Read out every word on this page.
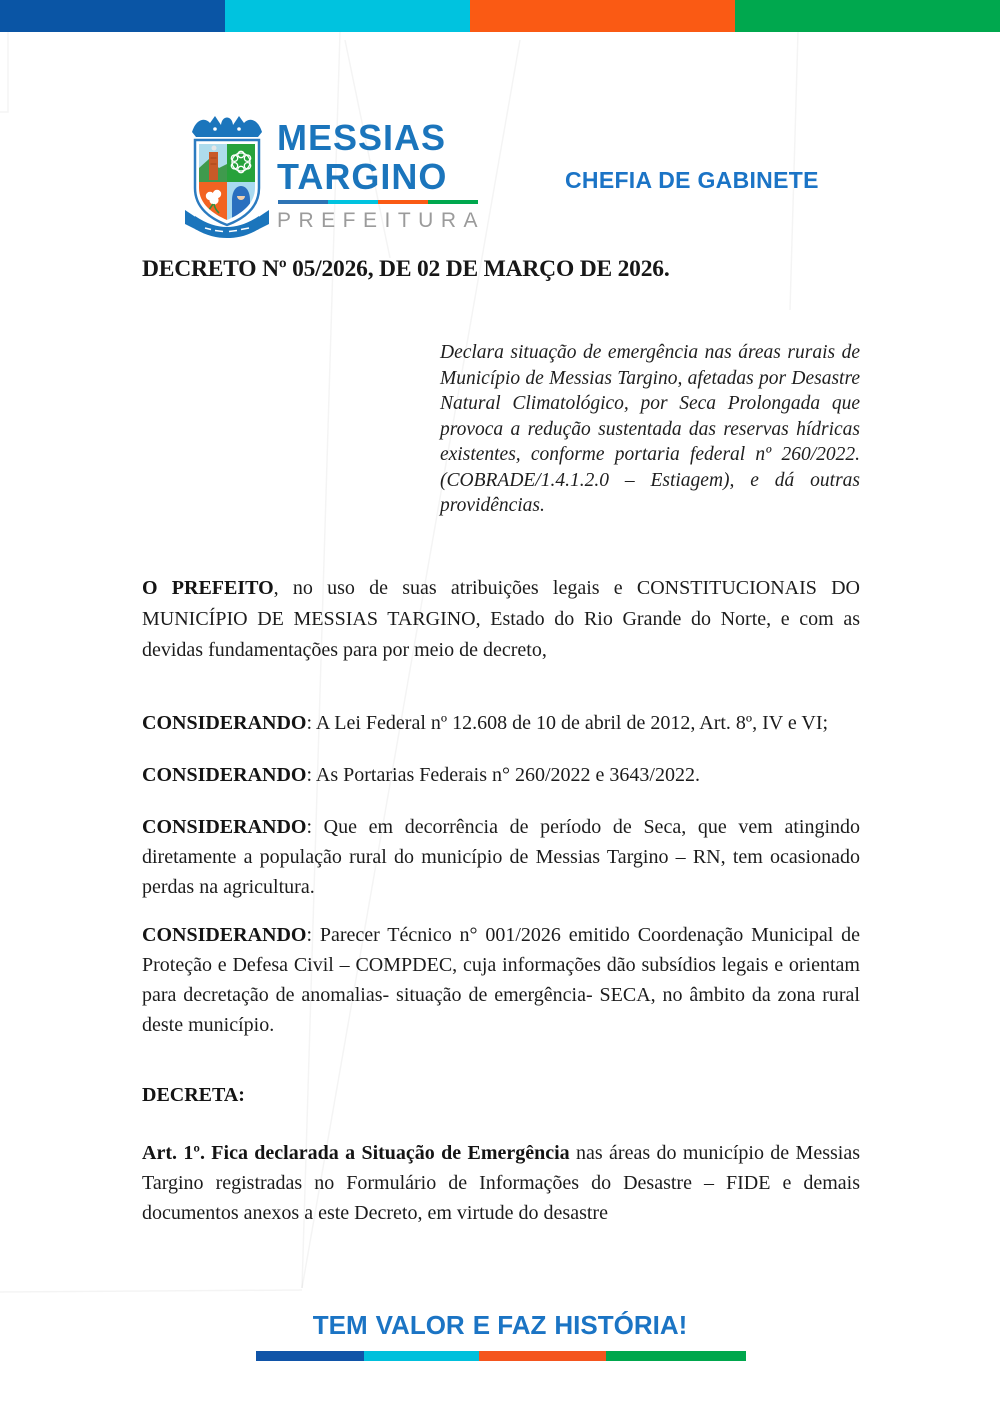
MESSIAS
TARGINO
PREFEITURA
CHEFIA DE GABINETE
DECRETO Nº 05/2026, DE 02 DE MARÇO DE 2026.

Declara situação de emergência nas áreas rurais de Município de Messias Targino, afetadas por Desastre Natural Climatológico, por Seca Prolongada que provoca a redução sustentada das reservas hídricas existentes, conforme portaria federal nº 260/2022. (COBRADE/1.4.1.2.0 – Estiagem), e dá outras providências.

O PREFEITO, no uso de suas atribuições legais e CONSTITUCIONAIS DO MUNICÍPIO DE MESSIAS TARGINO, Estado do Rio Grande do Norte, e com as devidas fundamentações para por meio de decreto,

CONSIDERANDO: A Lei Federal nº 12.608 de 10 de abril de 2012, Art. 8º, IV e VI;

CONSIDERANDO: As Portarias Federais n° 260/2022 e 3643/2022.

CONSIDERANDO: Que em decorrência de período de Seca, que vem atingindo diretamente a população rural do município de Messias Targino – RN, tem ocasionado perdas na agricultura.

CONSIDERANDO: Parecer Técnico n° 001/2026 emitido Coordenação Municipal de Proteção e Defesa Civil – COMPDEC, cuja informações dão subsídios legais e orientam para decretação de anomalias- situação de emergência- SECA, no âmbito da zona rural deste município.

DECRETA:

Art. 1º. Fica declarada a Situação de Emergência nas áreas do município de Messias Targino registradas no Formulário de Informações do Desastre – FIDE e demais documentos anexos a este Decreto, em virtude do desastre

TEM VALOR E FAZ HISTÓRIA!
